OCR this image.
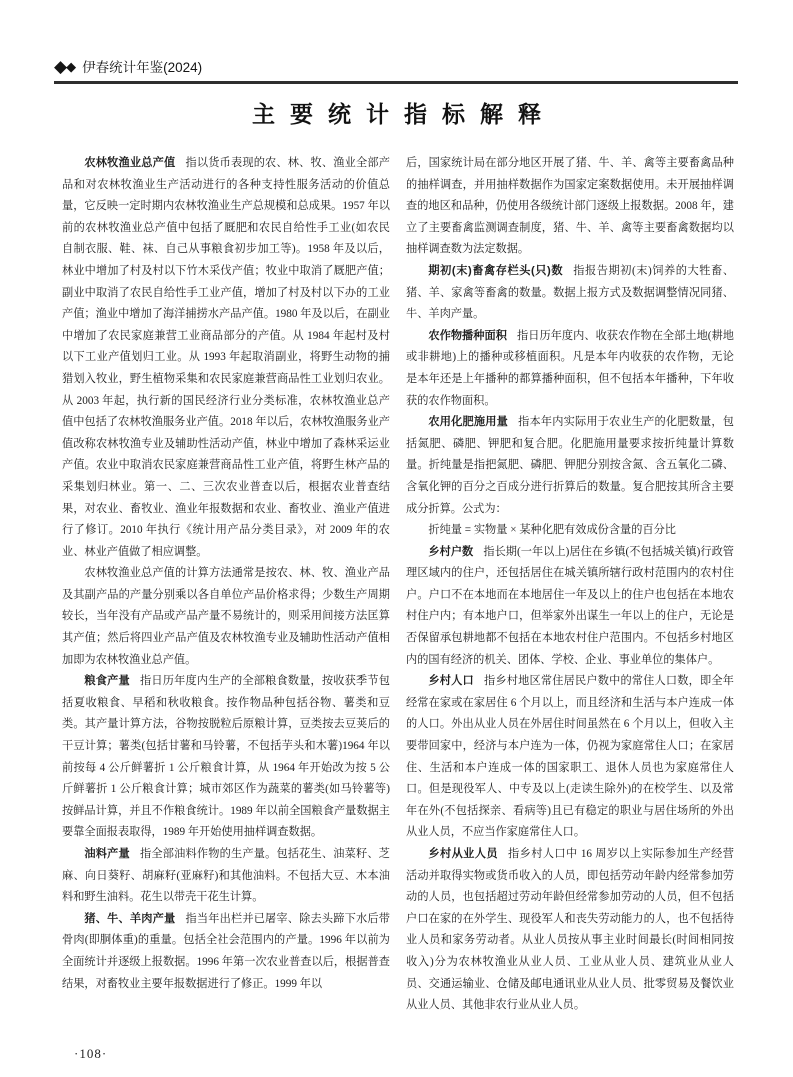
◆ ◆ 伊春统计年鉴(2024)
主要统计指标解释

农林牧渔业总产值 指以货币表现的农、林、牧、渔业全部产品和对农林牧渔业生产活动进行的各种支持性服务活动的价值总量，它反映一定时期内农林牧渔业生产总规模和总成果。1957 年以前的农林牧渔业总产值中包括了厩肥和农民自给性手工业(如农民自制衣服、鞋、袜、自己从事粮食初步加工等)。1958 年及以后，林业中增加了村及村以下竹木采伐产值；牧业中取消了厩肥产值；副业中取消了农民自给性手工业产值，增加了村及村以下办的工业产值；渔业中增加了海洋捕捞水产品产值。1980 年及以后，在副业中增加了农民家庭兼营工业商品部分的产值。从 1984 年起村及村以下工业产值划归工业。从 1993 年起取消副业，将野生动物的捕猎划入牧业，野生植物采集和农民家庭兼营商品性工业划归农业。从 2003 年起，执行新的国民经济行业分类标准，农林牧渔业总产值中包括了农林牧渔服务业产值。2018 年以后，农林牧渔服务业产值改称农林牧渔专业及辅助性活动产值，林业中增加了森林采运业产值。农业中取消农民家庭兼营商品性工业产值，将野生林产品的采集划归林业。第一、二、三次农业普查以后，根据农业普查结果，对农业、畜牧业、渔业年报数据和农业、畜牧业、渔业产值进行了修订。2010 年执行《统计用产品分类目录》，对 2009 年的农业、林业产值做了相应调整。

农林牧渔业总产值的计算方法通常是按农、林、牧、渔业产品及其副产品的产量分别乘以各自单位产品价格求得；少数生产周期较长，当年没有产品或产品产量不易统计的，则采用间接方法匡算其产值；然后将四业产品产值及农林牧渔专业及辅助性活动产值相加即为农林牧渔业总产值。

粮食产量 指日历年度内生产的全部粮食数量，按收获季节包括夏收粮食、早稻和秋收粮食。按作物品种包括谷物、薯类和豆类。其产量计算方法，谷物按脱粒后原粮计算，豆类按去豆荚后的干豆计算；薯类(包括甘薯和马铃薯，不包括芋头和木薯)1964 年以前按每 4 公斤鲜薯折 1 公斤粮食计算，从 1964 年开始改为按 5 公斤鲜薯折 1 公斤粮食计算；城市郊区作为蔬菜的薯类(如马铃薯等)按鲜品计算，并且不作粮食统计。1989 年以前全国粮食产量数据主要靠全面报表取得，1989 年开始使用抽样调查数据。

油料产量 指全部油料作物的生产量。包括花生、油菜籽、芝麻、向日葵籽、胡麻籽(亚麻籽)和其他油料。不包括大豆、木本油料和野生油料。花生以带壳干花生计算。

猪、牛、羊肉产量 指当年出栏并已屠宰、除去头蹄下水后带骨肉(即胴体重)的重量。包括全社会范围内的产量。1996 年以前为全面统计并逐级上报数据。1996 年第一次农业普查以后，根据普查结果，对畜牧业主要年报数据进行了修正。1999 年以

后，国家统计局在部分地区开展了猪、牛、羊、禽等主要畜禽品种的抽样调查，并用抽样数据作为国家定案数据使用。未开展抽样调查的地区和品种，仍使用各级统计部门逐级上报数据。2008 年，建立了主要畜禽监测调查制度，猪、牛、羊、禽等主要畜禽数据均以抽样调查数为法定数据。

期初(末)畜禽存栏头(只)数 指报告期初(末)饲养的大牲畜、猪、羊、家禽等畜禽的数量。数据上报方式及数据调整情况同猪、牛、羊肉产量。

农作物播种面积 指日历年度内、收获农作物在全部土地(耕地或非耕地)上的播种或移植面积。凡是本年内收获的农作物，无论是本年还是上年播种的都算播种面积，但不包括本年播种，下年收获的农作物面积。

农用化肥施用量 指本年内实际用于农业生产的化肥数量，包括氮肥、磷肥、钾肥和复合肥。化肥施用量要求按折纯量计算数量。折纯量是指把氮肥、磷肥、钾肥分别按含氮、含五氧化二磷、含氧化钾的百分之百成分进行折算后的数量。复合肥按其所含主要成分折算。公式为：

折纯量 = 实物量 × 某种化肥有效成份含量的百分比

乡村户数 指长期(一年以上)居住在乡镇(不包括城关镇)行政管理区域内的住户，还包括居住在城关镇所辖行政村范围内的农村住户。户口不在本地而在本地居住一年及以上的住户也包括在本地农村住户内；有本地户口，但举家外出谋生一年以上的住户，无论是否保留承包耕地都不包括在本地农村住户范围内。不包括乡村地区内的国有经济的机关、团体、学校、企业、事业单位的集体户。

乡村人口 指乡村地区常住居民户数中的常住人口数，即全年经常在家或在家居住 6 个月以上，而且经济和生活与本户连成一体的人口。外出从业人员在外居住时间虽然在 6 个月以上，但收入主要带回家中，经济与本户连为一体，仍视为家庭常住人口；在家居住、生活和本户连成一体的国家职工、退休人员也为家庭常住人口。但是现役军人、中专及以上(走读生除外)的在校学生、以及常年在外(不包括探亲、看病等)且已有稳定的职业与居住场所的外出从业人员，不应当作家庭常住人口。

乡村从业人员 指乡村人口中 16 周岁以上实际参加生产经营活动并取得实物或货币收入的人员，即包括劳动年龄内经常参加劳动的人员，也包括超过劳动年龄但经常参加劳动的人员，但不包括户口在家的在外学生、现役军人和丧失劳动能力的人，也不包括待业人员和家务劳动者。从业人员按从事主业时间最长(时间相同按收入)分为农林牧渔业从业人员、工业从业人员、建筑业从业人员、交通运输业、仓储及邮电通讯业从业人员、批零贸易及餐饮业从业人员、其他非农行业从业人员。

·108·
